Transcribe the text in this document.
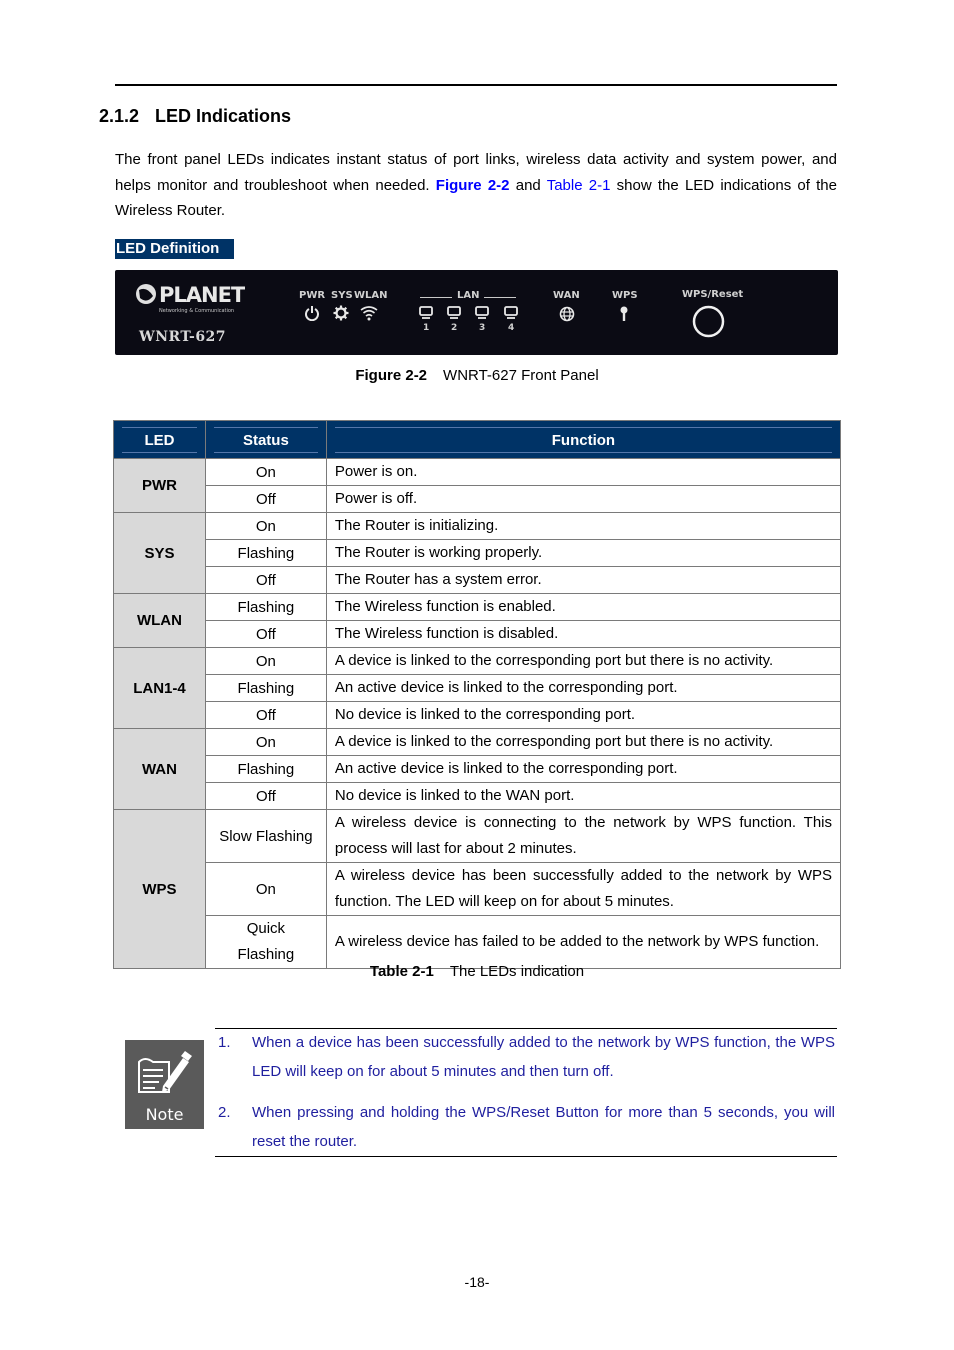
2.1.2 LED Indications

The front panel LEDs indicates instant status of port links, wireless data activity and system power, and helps monitor and troubleshoot when needed. Figure 2-2 and Table 2-1 show the LED indications of the Wireless Router.

LED Definition
PLANET
Networking & Communication
WNRT-627
PWR SYS WLAN	LAN
1 2 3	4
WAN	WPS	WPS/Reset
Figure 2-2 WNRT-627 Front Panel
LED	Status	Function

PWR	On	Power is on.
	Off	Power is off.
SYS	On	The Router is initializing.
	Flashing	The Router is working properly.
	Off	The Router has a system error.
WLAN	Flashing	The Wireless function is enabled.
	Off	The Wireless function is disabled.
LAN1-4	On	A device is linked to the corresponding port but there is no activity.
	Flashing	An active device is linked to the corresponding port.
	Off	No device is linked to the corresponding port.
WAN	On	A device is linked to the corresponding port but there is no activity.
	Flashing	An active device is linked to the corresponding port.
	Off	No device is linked to the WAN port.
WPS	Slow Flashing	A wireless device is connecting to the network by WPS function. This process will last for about 2 minutes.
	On	A wireless device has been successfully added to the network by WPS function. The LED will keep on for about 5 minutes.
	Quick Flashing	A wireless device has failed to be added to the network by WPS function.
Table 2-1 The LEDs indication
Note
1. When a device has been successfully added to the network by WPS function, the WPS LED will keep on for about 5 minutes and then turn off.
2. When pressing and holding the WPS/Reset Button for more than 5 seconds, you will reset the router.
-18-
